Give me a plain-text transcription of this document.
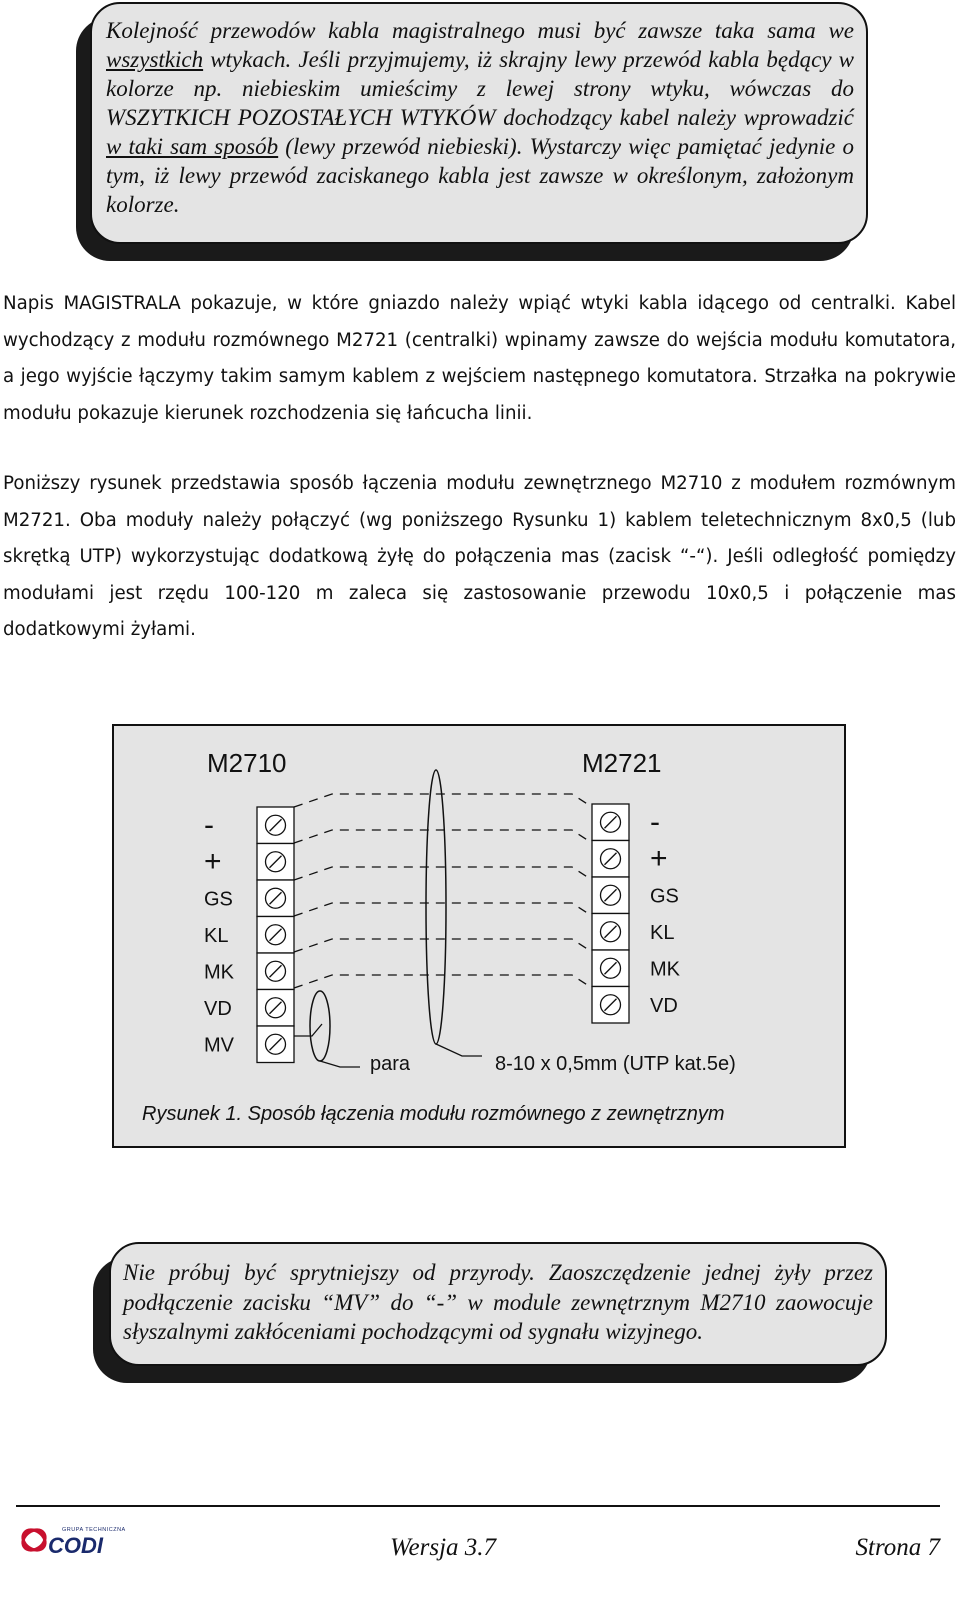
Kolejność przewodów kabla magistralnego musi być zawsze taka sama we wszystkich wtykach. Jeśli przyjmujemy, iż skrajny lewy przewód kabla będący w kolorze np. niebieskim umieścimy z lewej strony wtyku, wówczas do WSZYTKICH POZOSTAŁYCH WTYKÓW dochodzący kabel należy wprowadzić w taki sam sposób (lewy przewód niebieski). Wystarczy więc pamiętać jedynie o tym, iż lewy przewód zaciskanego kabla jest zawsze w określonym, założonym kolorze.

Napis MAGISTRALA pokazuje, w które gniazdo należy wpiąć wtyki kabla idącego od centralki. Kabel wychodzący z modułu rozmównego M2721 (centralki) wpinamy zawsze do wejścia modułu komutatora, a jego wyjście łączymy takim samym kablem z wejściem następnego komutatora. Strzałka na pokrywie modułu pokazuje kierunek rozchodzenia się łańcucha linii.

Poniższy rysunek przedstawia sposób łączenia modułu zewnętrznego M2710 z modułem rozmównym M2721. Oba moduły należy połączyć (wg poniższego Rysunku 1) kablem teletechnicznym 8x0,5 (lub skrętką UTP) wykorzystując dodatkową żyłę do połączenia mas (zacisk “-“). Jeśli odległość pomiędzy modułami jest rzędu 100-120 m zaleca się zastosowanie przewodu 10x0,5 i połączenie mas dodatkowymi żyłami.

M2710	M2721
para	8-10 x 0,5mm (UTP kat.5e)
-
+
GS
KL
MK
VD
MV
-
+
GS
KL
MK
VD
Rysunek 1. Sposób łączenia modułu rozmównego z zewnętrznym

Nie próbuj być sprytniejszy od przyrody. Zaoszczędzenie jednej żyły przez podłączenie zacisku “MV” do “-” w module zewnętrznym M2710 zaowocuje słyszalnymi zakłóceniami pochodzącymi od sygnału wizyjnego.

GRUPA TECHNICZNA
CODI	Wersja 3.7	Strona 7
